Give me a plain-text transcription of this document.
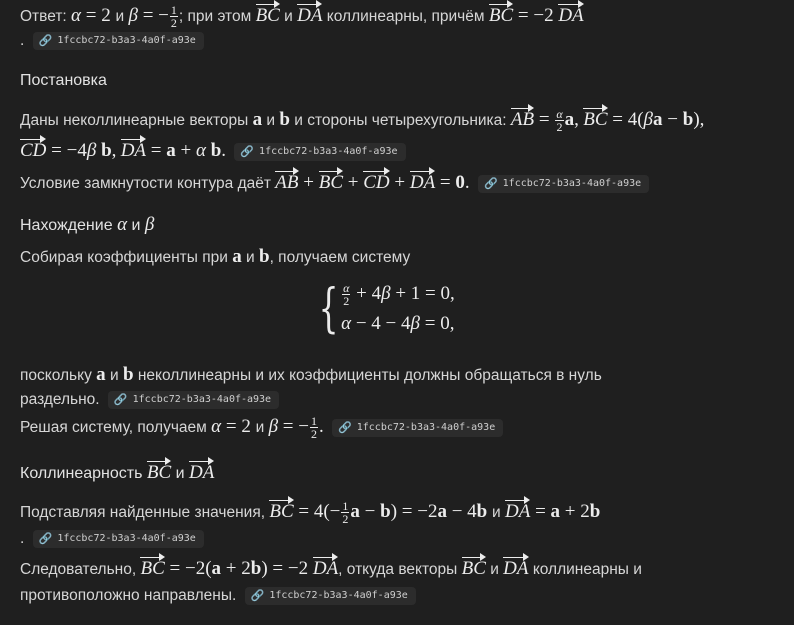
Ответ: α = 2 и β = − $\frac{1}{2}$ ; при этом BC и DA коллинеарны, причём BC = −2 DA
. 🔗 1fccbc72-b3a3-4a0f-a93e
Постановка
Даны неколлинеарные векторы a и b и стороны четырехугольника: AB = $\frac{\alpha}{2} a$, BC = 4(βa − b),
CD = −4β b, DA = a + α b. 🔗 1fccbc72-b3a3-4a0f-a93e
Условие замкнутости контура даёт AB + BC + CD + DA = 0. 🔗 1fccbc72-b3a3-4a0f-a93e
Нахождение α и β
Собирая коэффициенты при a и b, получаем систему
{ $\frac{\alpha}{2} + 4\beta + 1 = 0$,
α − 4 − 4β = 0,
поскольку a и b неколлинеарны и их коэффициенты должны обращаться в нуль
раздельно. 🔗 1fccbc72-b3a3-4a0f-a93e
Решая систему, получаем α = 2 и β = − $\frac{1}{2}$ . 🔗 1fccbc72-b3a3-4a0f-a93e
Коллинеарность BC и DA
Подставляя найденные значения, BC = $4(- \frac{1}{2}$ a − b) = −2a − 4b и DA = a + 2b
. 🔗 1fccbc72-b3a3-4a0f-a93e
Следовательно, BC = −2(a + 2b) = −2 DA, откуда векторы BC и DA коллинеарны и
противоположно направлены. 🔗 1fccbc72-b3a3-4a0f-a93e
